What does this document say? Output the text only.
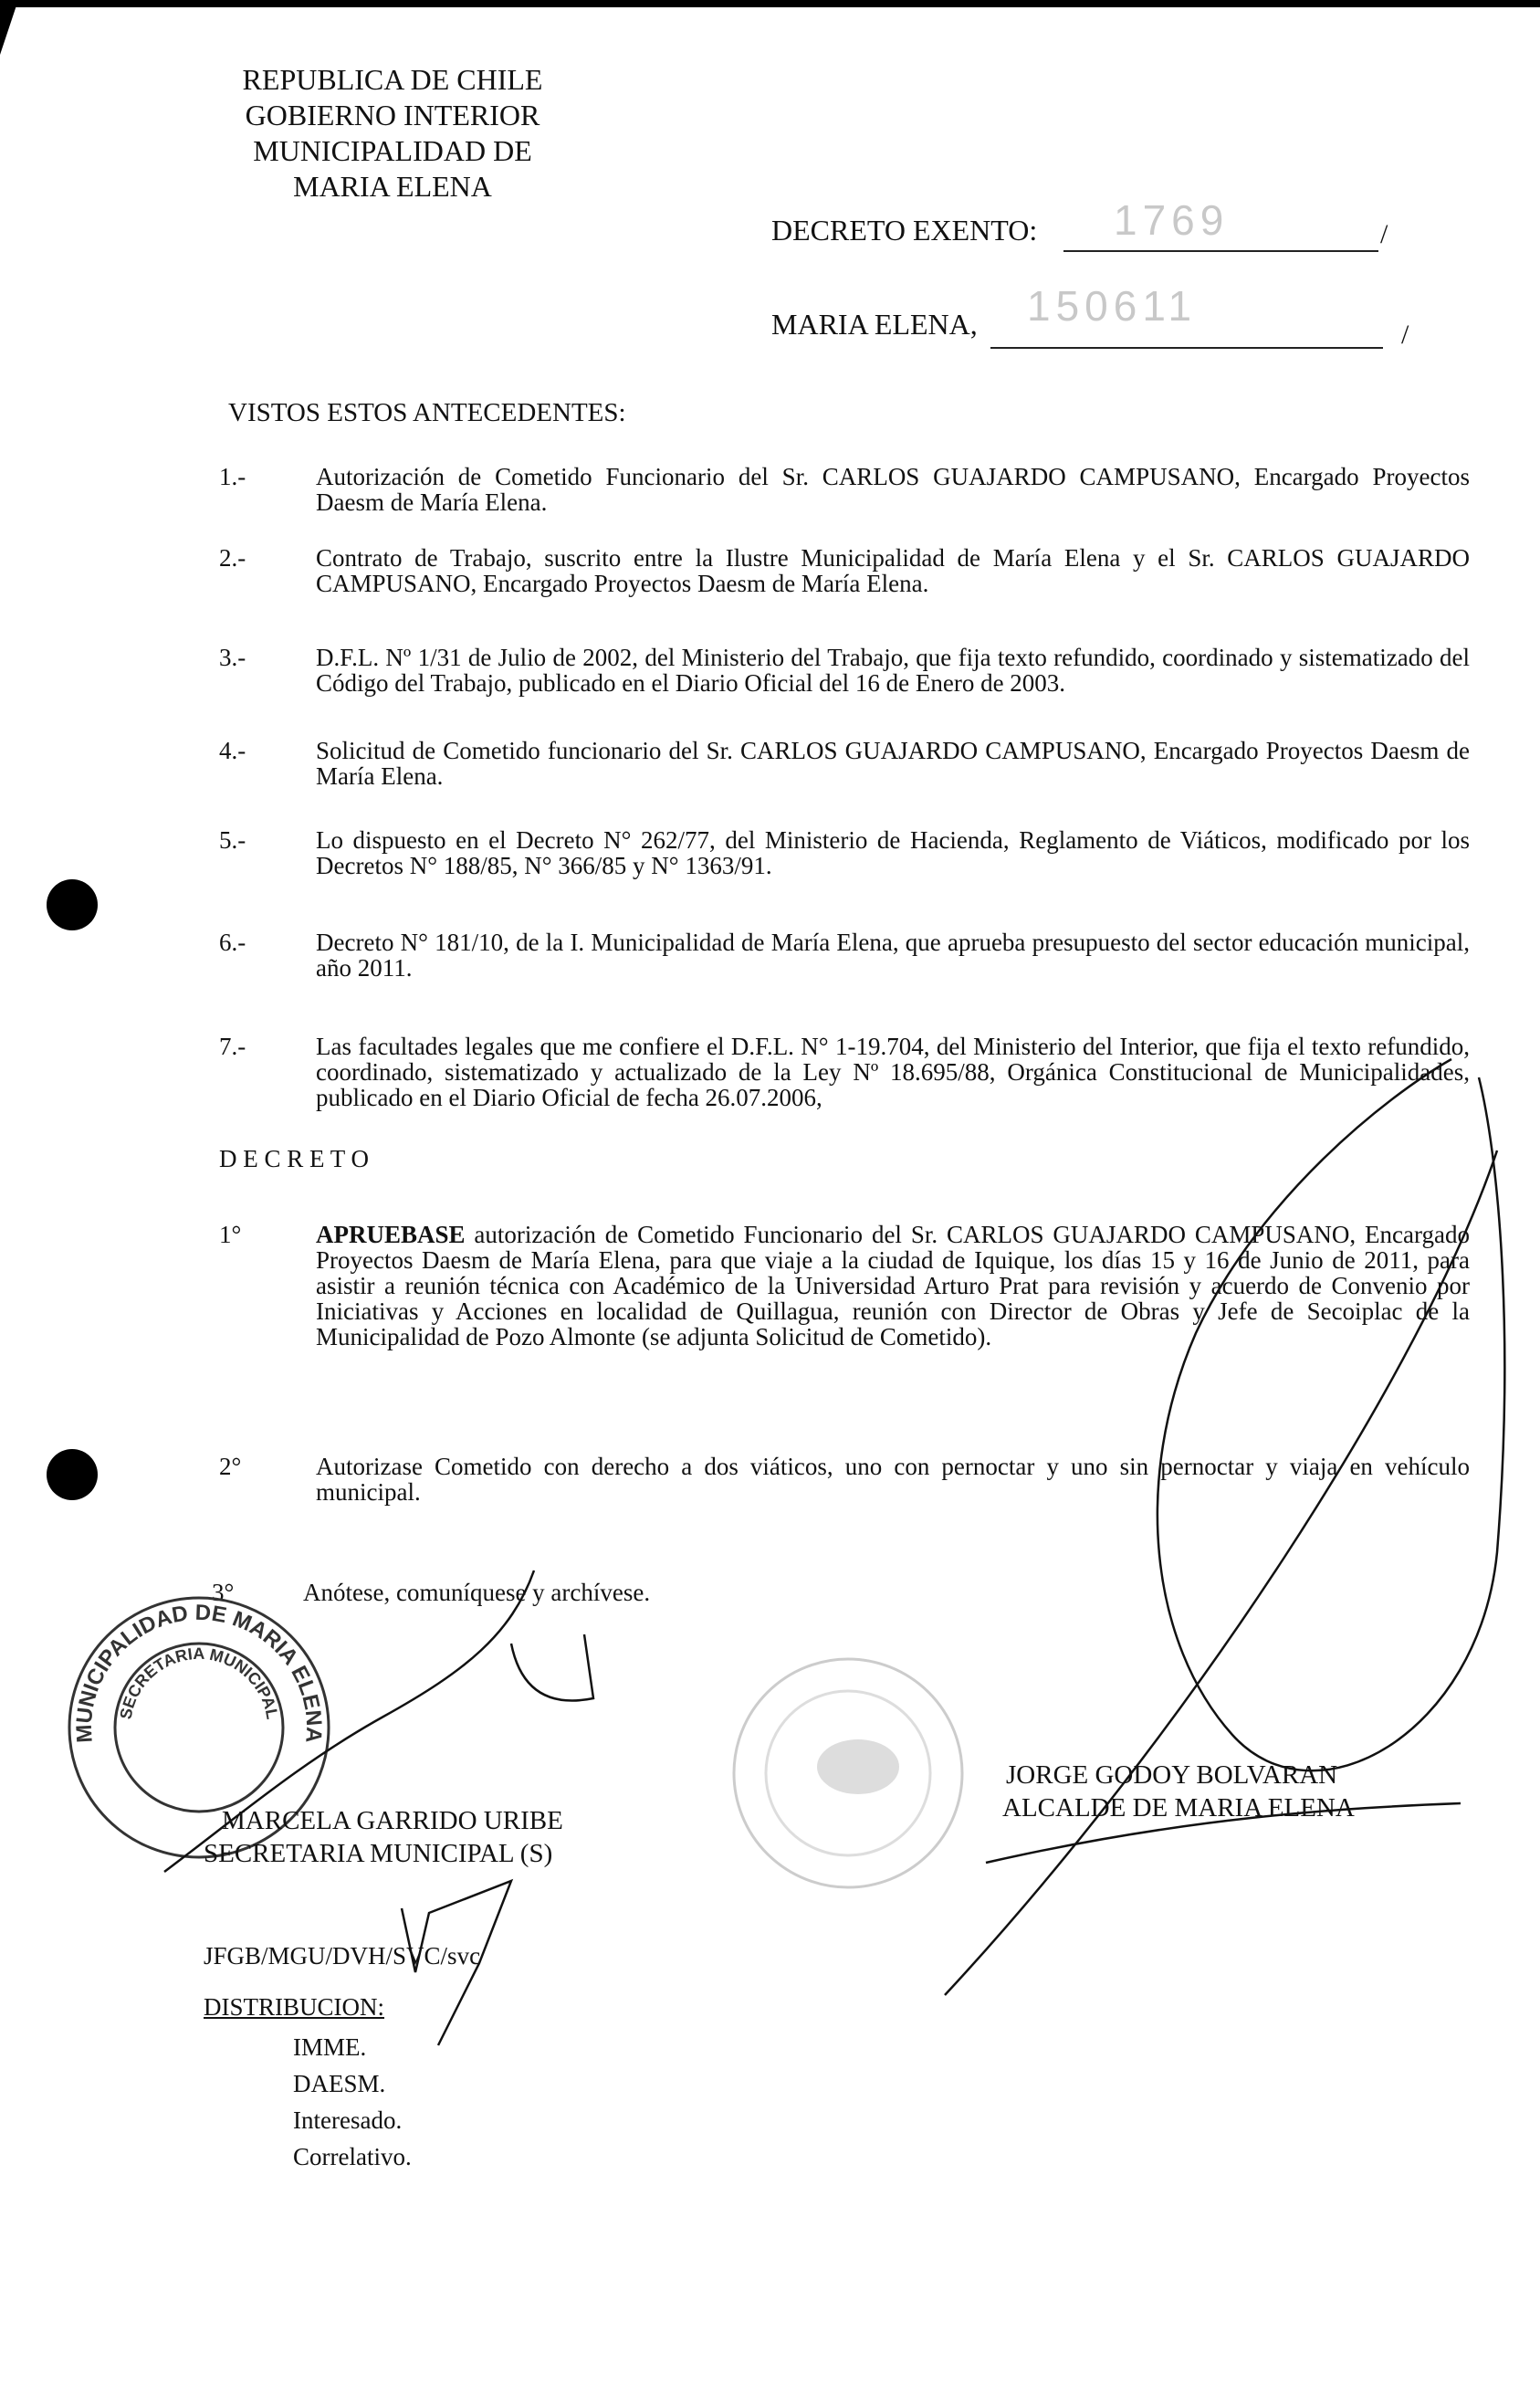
REPUBLICA DE CHILE
GOBIERNO INTERIOR
MUNICIPALIDAD DE
MARIA ELENA
DECRETO EXENTO: 1769	/
MARIA ELENA, 150611
/
VISTOS ESTOS ANTECEDENTES:
1.-	Autorización de Cometido Funcionario del Sr. CARLOS GUAJARDO CAMPUSANO, Encargado Proyectos Daesm de María Elena.
2.-	Contrato de Trabajo, suscrito entre la Ilustre Municipalidad de María Elena y el Sr. CARLOS GUAJARDO CAMPUSANO, Encargado Proyectos Daesm de María Elena.
3.-	D.F.L. Nº 1/31 de Julio de 2002, del Ministerio del Trabajo, que fija texto refundido, coordinado y sistematizado del Código del Trabajo, publicado en el Diario Oficial del 16 de Enero de 2003.
4.-	Solicitud de Cometido funcionario del Sr. CARLOS GUAJARDO CAMPUSANO, Encargado Proyectos Daesm de María Elena.
5.-	Lo dispuesto en el Decreto N° 262/77, del Ministerio de Hacienda, Reglamento de Viáticos, modificado por los Decretos N° 188/85, N° 366/85 y N° 1363/91.
6.-	Decreto N° 181/10, de la I. Municipalidad de María Elena, que aprueba presupuesto del sector educación municipal, año 2011.
7.-	Las facultades legales que me confiere el D.F.L. N° 1-19.704, del Ministerio del Interior, que fija el texto refundido, coordinado, sistematizado y actualizado de la Ley Nº 18.695/88, Orgánica Constitucional de Municipalidades, publicado en el Diario Oficial de fecha 26.07.2006,
D E C R E T O
1°	APRUEBASE autorización de Cometido Funcionario del Sr. CARLOS GUAJARDO CAMPUSANO, Encargado Proyectos Daesm de María Elena, para que viaje a la ciudad de Iquique, los días 15 y 16 de Junio de 2011, para asistir a reunión técnica con Académico de la Universidad Arturo Prat para revisión y acuerdo de Convenio por Iniciativas y Acciones en localidad de Quillagua, reunión con Director de Obras y Jefe de Secoiplac de la Municipalidad de Pozo Almonte (se adjunta Solicitud de Cometido).
2°	Autorizase Cometido con derecho a dos viáticos, uno con pernoctar y uno sin pernoctar y viaja en vehículo municipal.
3°	Anótese, comuníquese y archívese.
MUNICIPALIDAD DE MARIA ELENA
SECRETARIA MUNICIPAL
MARCELA GARRIDO URIBE
SECRETARIA MUNICIPAL (S)
JORGE GODOY BOLVARAN
ALCALDE DE MARIA ELENA
JFGB/MGU/DVH/SVC/svc
DISTRIBUCION:
IMME.
DAESM.
Interesado.
Correlativo.
